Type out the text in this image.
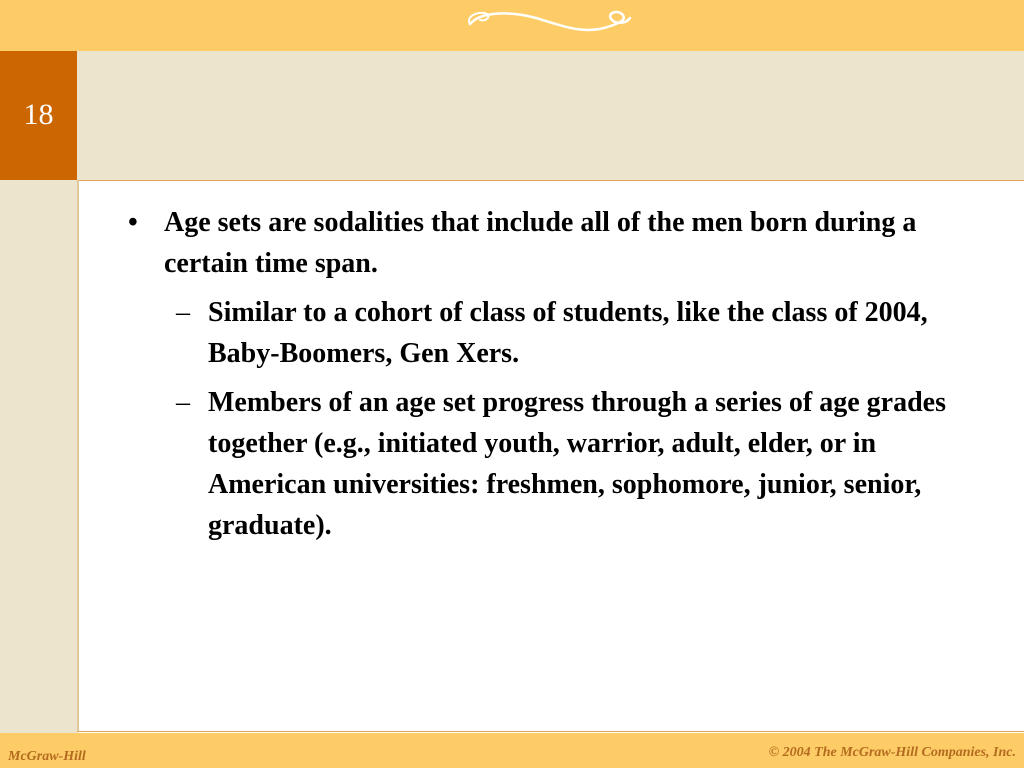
18
• Age sets are sodalities that include all of the men born during a certain time span.
– Similar to a cohort of class of students, like the class of 2004, Baby-Boomers, Gen Xers.
– Members of an age set progress through a series of age grades together (e.g., initiated youth, warrior, adult, elder, or in American universities: freshmen, sophomore, junior, senior, graduate).
McGraw-Hill	© 2004 The McGraw-Hill Companies, Inc.
